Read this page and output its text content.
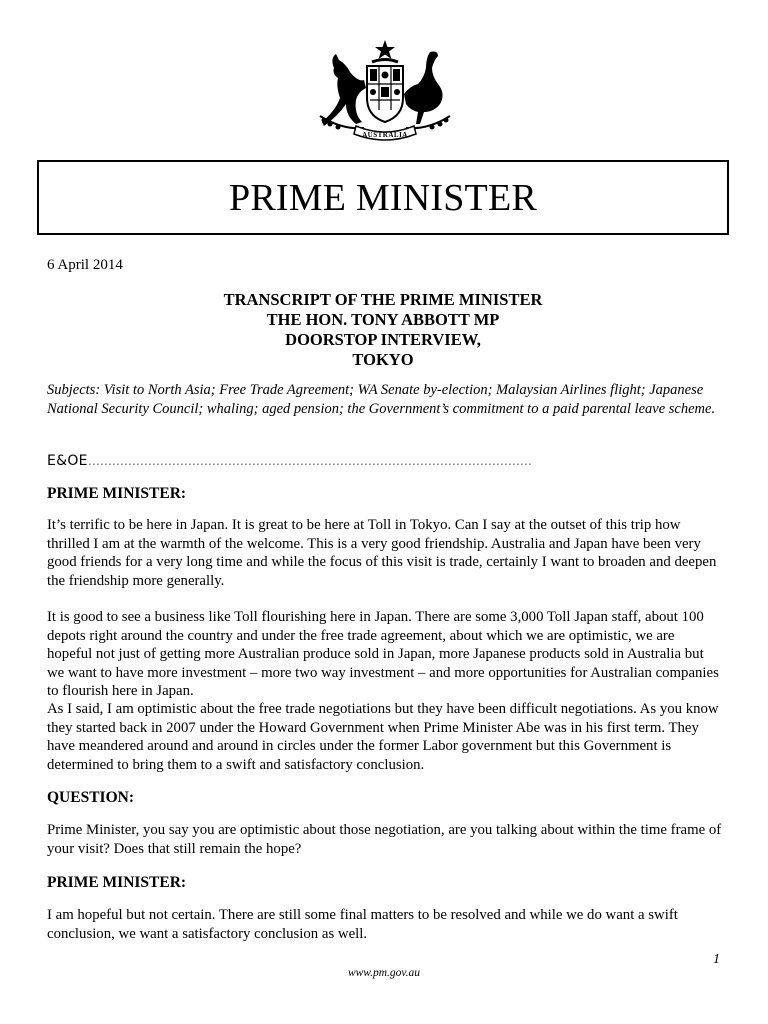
AUSTRALIA
PRIME MINISTER
6 April 2014
TRANSCRIPT OF THE PRIME MINISTER
THE HON. TONY ABBOTT MP
DOORSTOP INTERVIEW,
TOKYO
Subjects: Visit to North Asia; Free Trade Agreement; WA Senate by-election; Malaysian Airlines flight; Japanese National Security Council; whaling; aged pension; the Government’s commitment to a paid parental leave scheme.
E&OE…………………………………………………………………………………………………
PRIME MINISTER:

It’s terrific to be here in Japan. It is great to be here at Toll in Tokyo. Can I say at the outset of this trip how thrilled I am at the warmth of the welcome. This is a very good friendship. Australia and Japan have been very good friends for a very long time and while the focus of this visit is trade, certainly I want to broaden and deepen the friendship more generally.

It is good to see a business like Toll flourishing here in Japan. There are some 3,000 Toll Japan staff, about 100 depots right around the country and under the free trade agreement, about which we are optimistic, we are hopeful not just of getting more Australian produce sold in Japan, more Japanese products sold in Australia but we want to have more investment – more two way investment – and more opportunities for Australian companies to flourish here in Japan.

As I said, I am optimistic about the free trade negotiations but they have been difficult negotiations. As you know they started back in 2007 under the Howard Government when Prime Minister Abe was in his first term. They have meandered around and around in circles under the former Labor government but this Government is determined to bring them to a swift and satisfactory conclusion.

QUESTION:

Prime Minister, you say you are optimistic about those negotiation, are you talking about within the time frame of your visit? Does that still remain the hope?

PRIME MINISTER:

I am hopeful but not certain. There are still some final matters to be resolved and while we do want a swift conclusion, we want a satisfactory conclusion as well.

1
www.pm.gov.au
